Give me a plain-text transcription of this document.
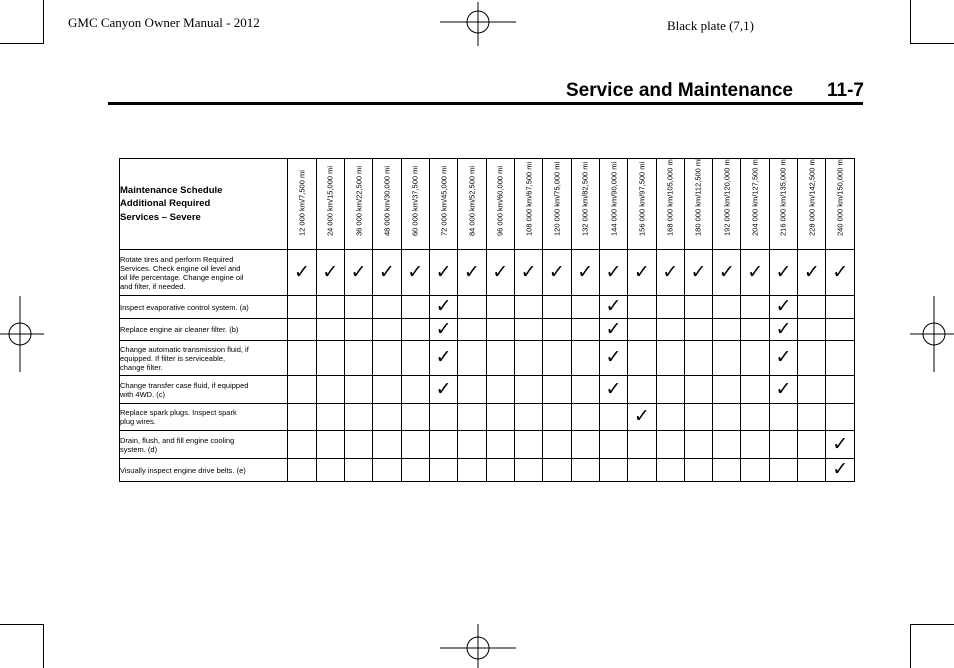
GMC Canyon Owner Manual - 2012	Black plate (7,1)
Service and Maintenance 11-7
Maintenance Schedule
Additional Required
Services – Severe	12 000 km/7,500 mi	24 000 km/15,000 mi	36 000 km/22,500 mi	48 000 km/30,000 mi	60 000 km/37,500 mi	72 000 km/45,000 mi	84 000 km/52,500 mi	96 000 km/60,000 mi	108 000 km/67,500 mi	120 000 km/75,000 mi	132 000 km/82,500 mi	144 000 km/90,000 mi	156 000 km/97,500 mi	168 000 km/105,000 mi	180 000 km/112,500 mi	192 000 km/120,000 mi	204 000 km/127,500 mi	216 000 km/135,000 mi	228 000 km/142,500 mi	240 000 km/150,000 mi

Rotate tires and perform Required
Services. Check engine oil level and
oil life percentage. Change engine oil
and filter, if needed.	✓	✓	✓	✓	✓	✓	✓	✓	✓	✓	✓	✓	✓	✓	✓	✓	✓	✓	✓	✓

Inspect evaporative control system. (a)						✓						✓						✓		

Replace engine air cleaner filter. (b)						✓						✓						✓		

Change automatic transmission fluid, if
equipped. If filter is serviceable,
change filter.						✓						✓						✓		

Change transfer case fluid, if equipped
with 4WD. (c)						✓						✓						✓		

Replace spark plugs. Inspect spark
plug wires.													✓							

Drain, flush, and fill engine cooling
system. (d)																				✓

Visually inspect engine drive belts. (e)																				✓
